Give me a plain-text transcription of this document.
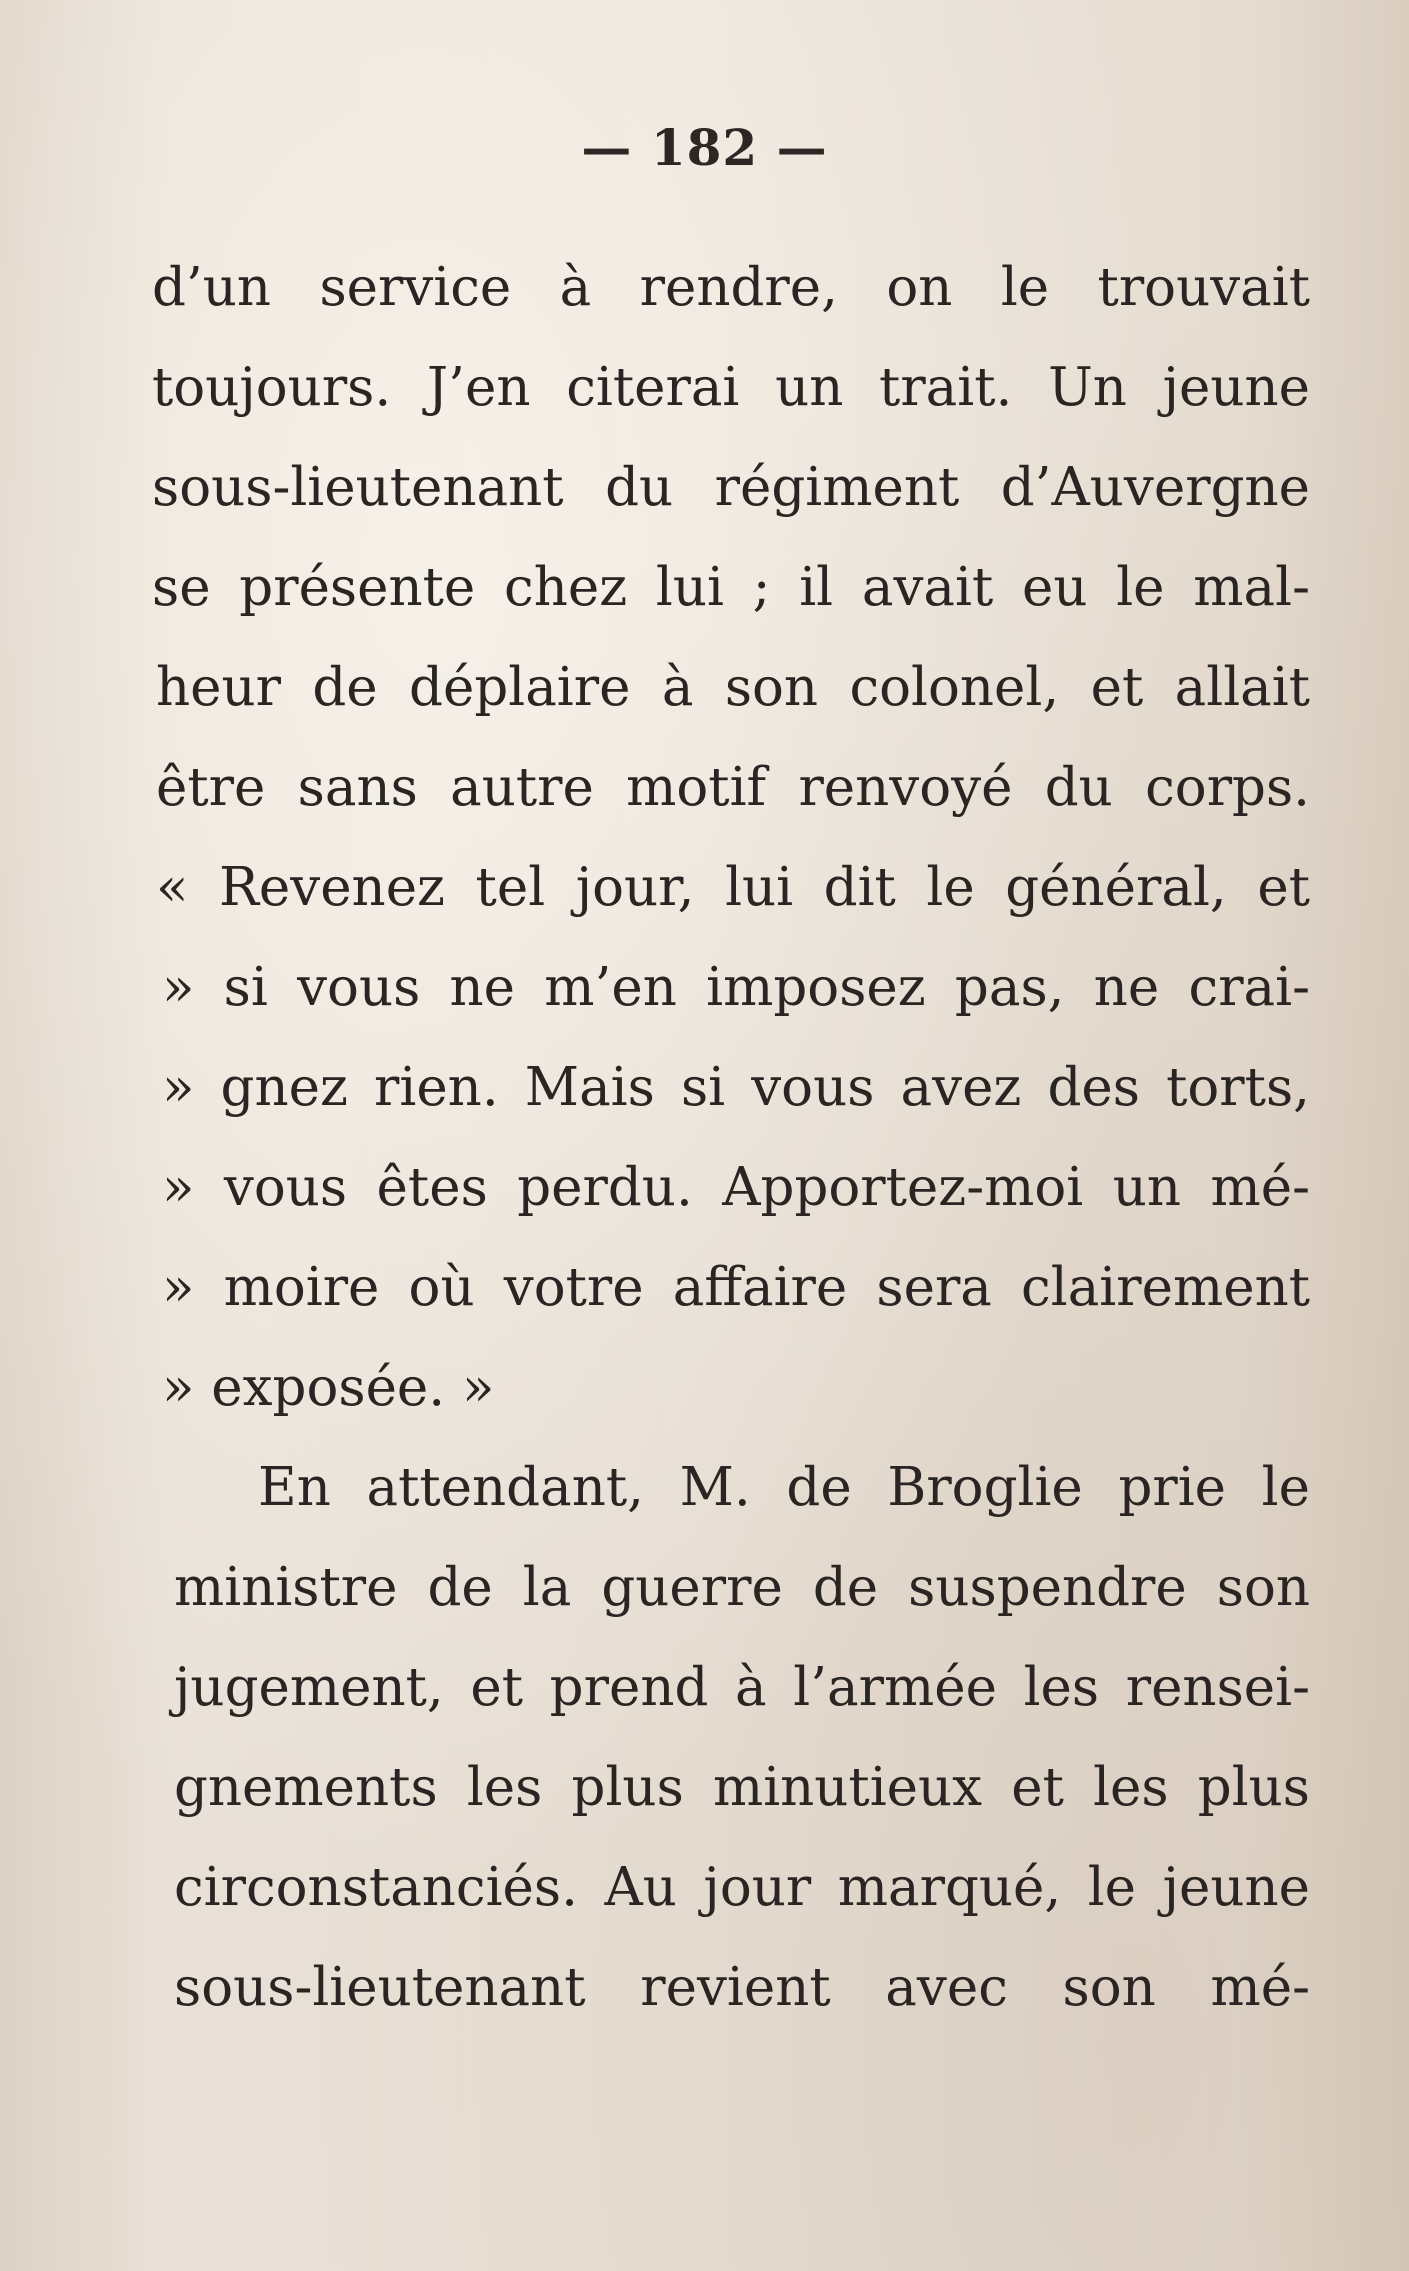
— 182 —
d’un service à rendre, on le trouvait
toujours. J’en citerai un trait. Un jeune
sous-lieutenant du régiment d’Auvergne
se présente chez lui ; il avait eu le mal-
heur de déplaire à son colonel, et allait
être sans autre motif renvoyé du corps.
« Revenez tel jour, lui dit le général, et
» si vous ne m’en imposez pas, ne crai-
» gnez rien. Mais si vous avez des torts,
» vous êtes perdu. Apportez-moi un mé-
» moire où votre affaire sera clairement
» exposée. »
En attendant, M. de Broglie prie le
ministre de la guerre de suspendre son
jugement, et prend à l’armée les rensei-
gnements les plus minutieux et les plus
circonstanciés. Au jour marqué, le jeune
sous-lieutenant revient avec son mé-
